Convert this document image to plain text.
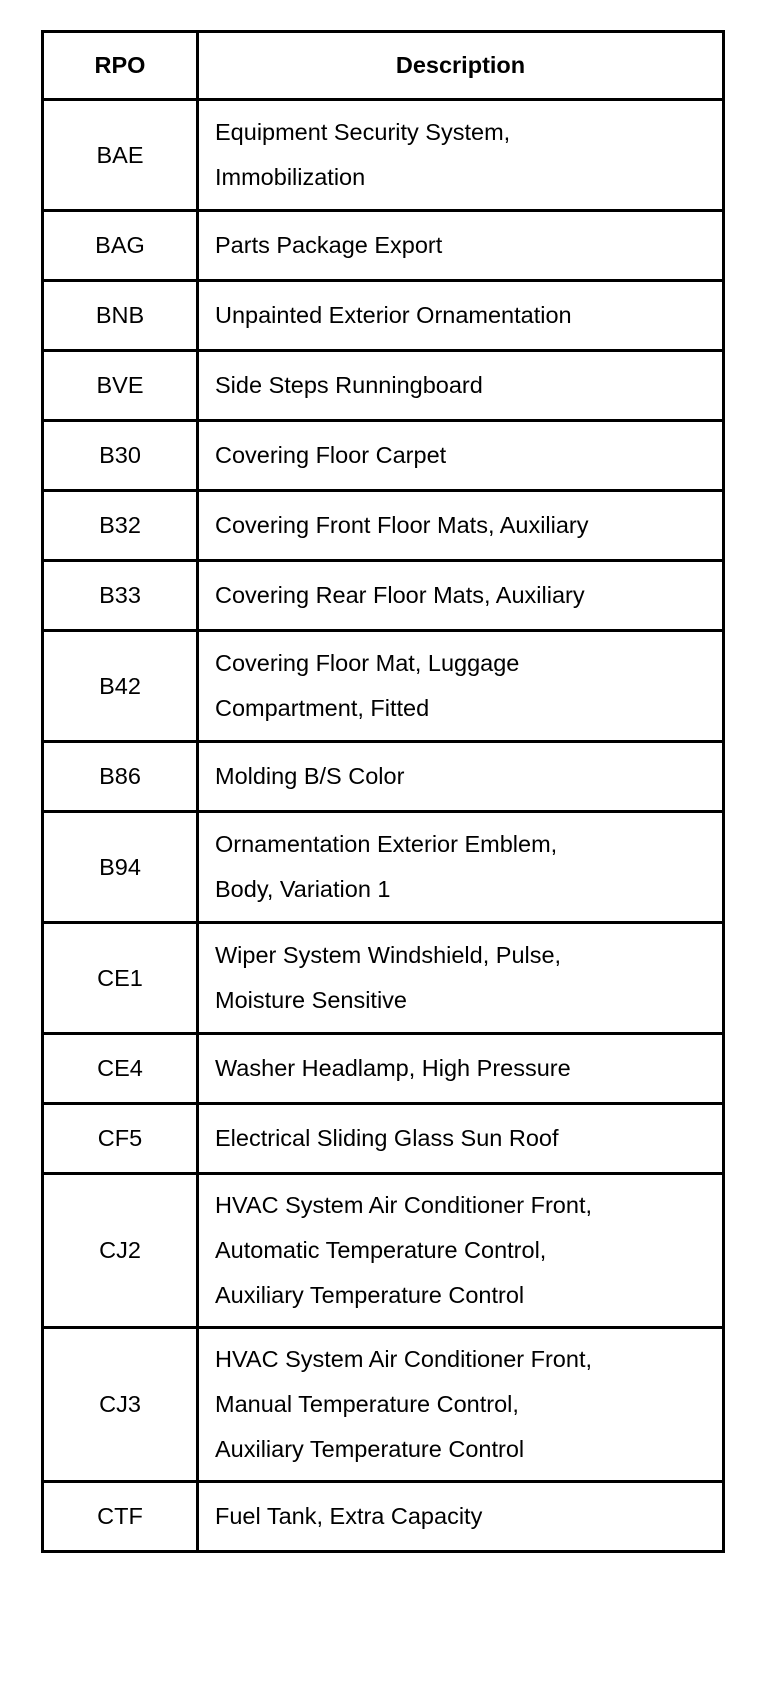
RPO	Description
BAE	Equipment Security System,
Immobilization
BAG	Parts Package Export
BNB	Unpainted Exterior Ornamentation
BVE	Side Steps Runningboard
B30	Covering Floor Carpet
B32	Covering Front Floor Mats, Auxiliary
B33	Covering Rear Floor Mats, Auxiliary
B42	Covering Floor Mat, Luggage
Compartment, Fitted
B86	Molding B/S Color
B94	Ornamentation Exterior Emblem,
Body, Variation 1
CE1	Wiper System Windshield, Pulse,
Moisture Sensitive
CE4	Washer Headlamp, High Pressure
CF5	Electrical Sliding Glass Sun Roof
CJ2	HVAC System Air Conditioner Front,
Automatic Temperature Control,
Auxiliary Temperature Control
CJ3	HVAC System Air Conditioner Front,
Manual Temperature Control,
Auxiliary Temperature Control
CTF	Fuel Tank, Extra Capacity
